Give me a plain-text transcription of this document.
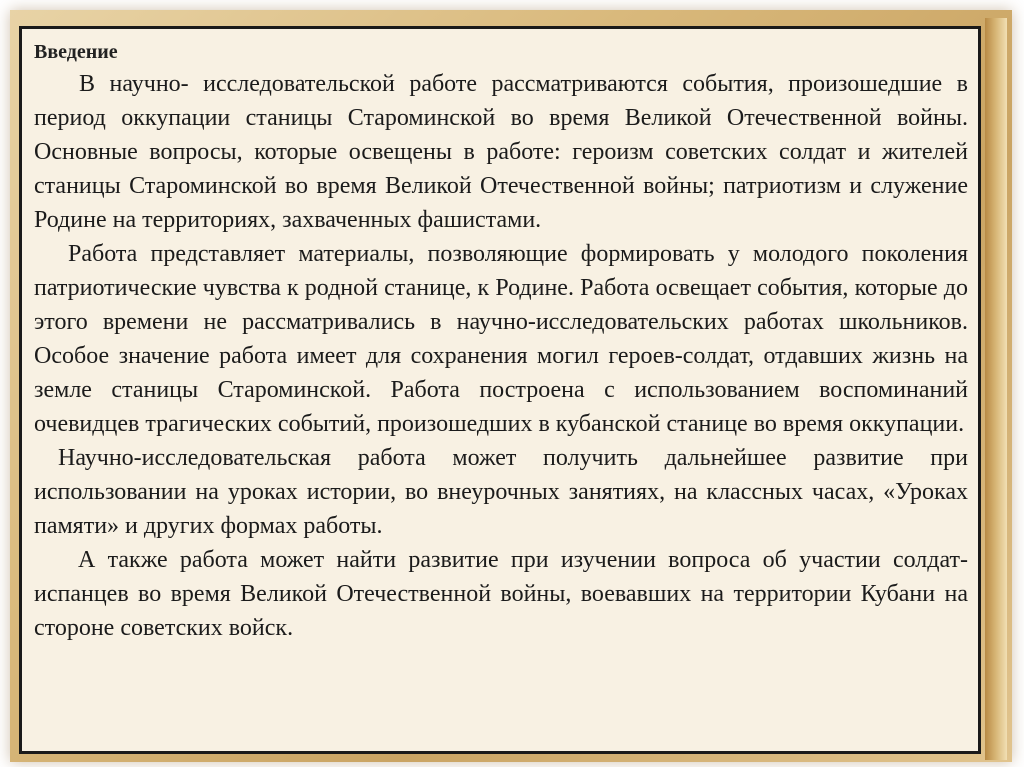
Введение

В научно- исследовательской работе рассматриваются события, произошедшие в период оккупации станицы Староминской во время Великой Отечественной войны. Основные вопросы, которые освещены в работе: героизм советских солдат и жителей станицы Староминской во время Великой Отечественной войны; патриотизм и служение Родине на территориях, захваченных фашистами.

Работа представляет материалы, позволяющие формировать у молодого поколения патриотические чувства к родной станице, к Родине. Работа освещает события, которые до этого времени не рассматривались в научно-исследовательских работах школьников. Особое значение работа имеет для сохранения могил героев-солдат, отдавших жизнь на земле станицы Староминской. Работа построена с использованием воспоминаний очевидцев трагических событий, произошедших в кубанской станице во время оккупации.

Научно-исследовательская работа может получить дальнейшее развитие при использовании на уроках истории, во внеурочных занятиях, на классных часах, «Уроках памяти» и других формах работы.

А также работа может найти развитие при изучении вопроса об участии солдат- испанцев во время Великой Отечественной войны, воевавших на территории Кубани на стороне советских войск.
